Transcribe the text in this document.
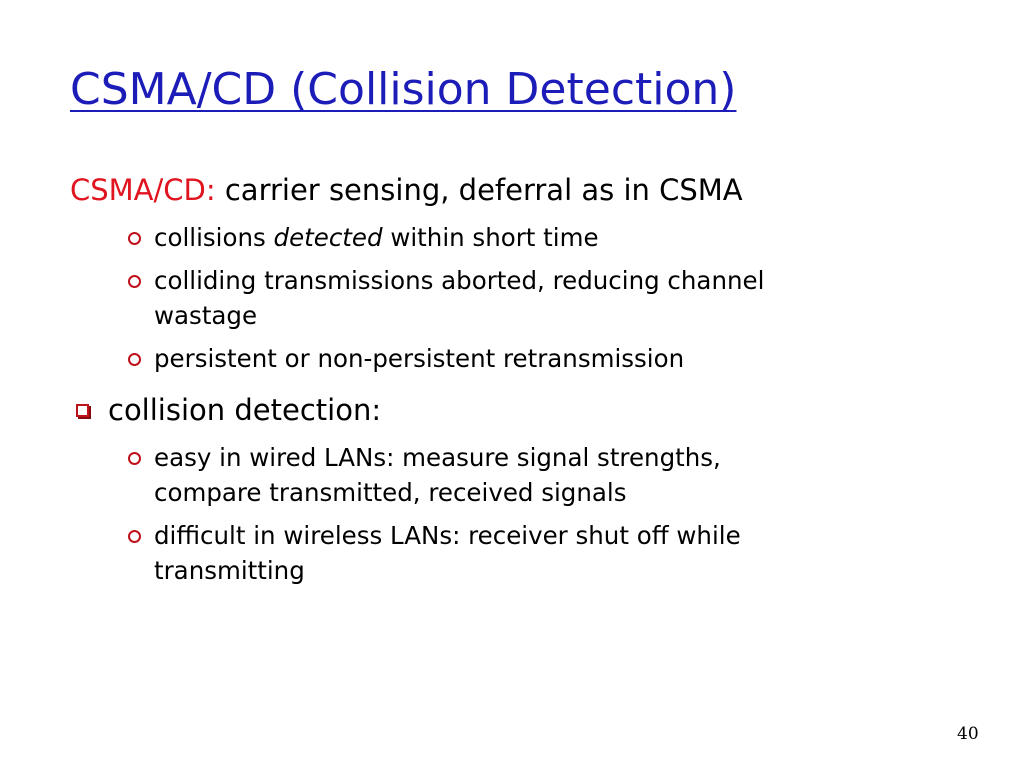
CSMA/CD (Collision Detection)
CSMA/CD: carrier sensing, deferral as in CSMA
collisions detected within short time
colliding transmissions aborted, reducing channel
wastage
persistent or non-persistent retransmission
collision detection:
easy in wired LANs: measure signal strengths,
compare transmitted, received signals
difficult in wireless LANs: receiver shut off while
transmitting
40
